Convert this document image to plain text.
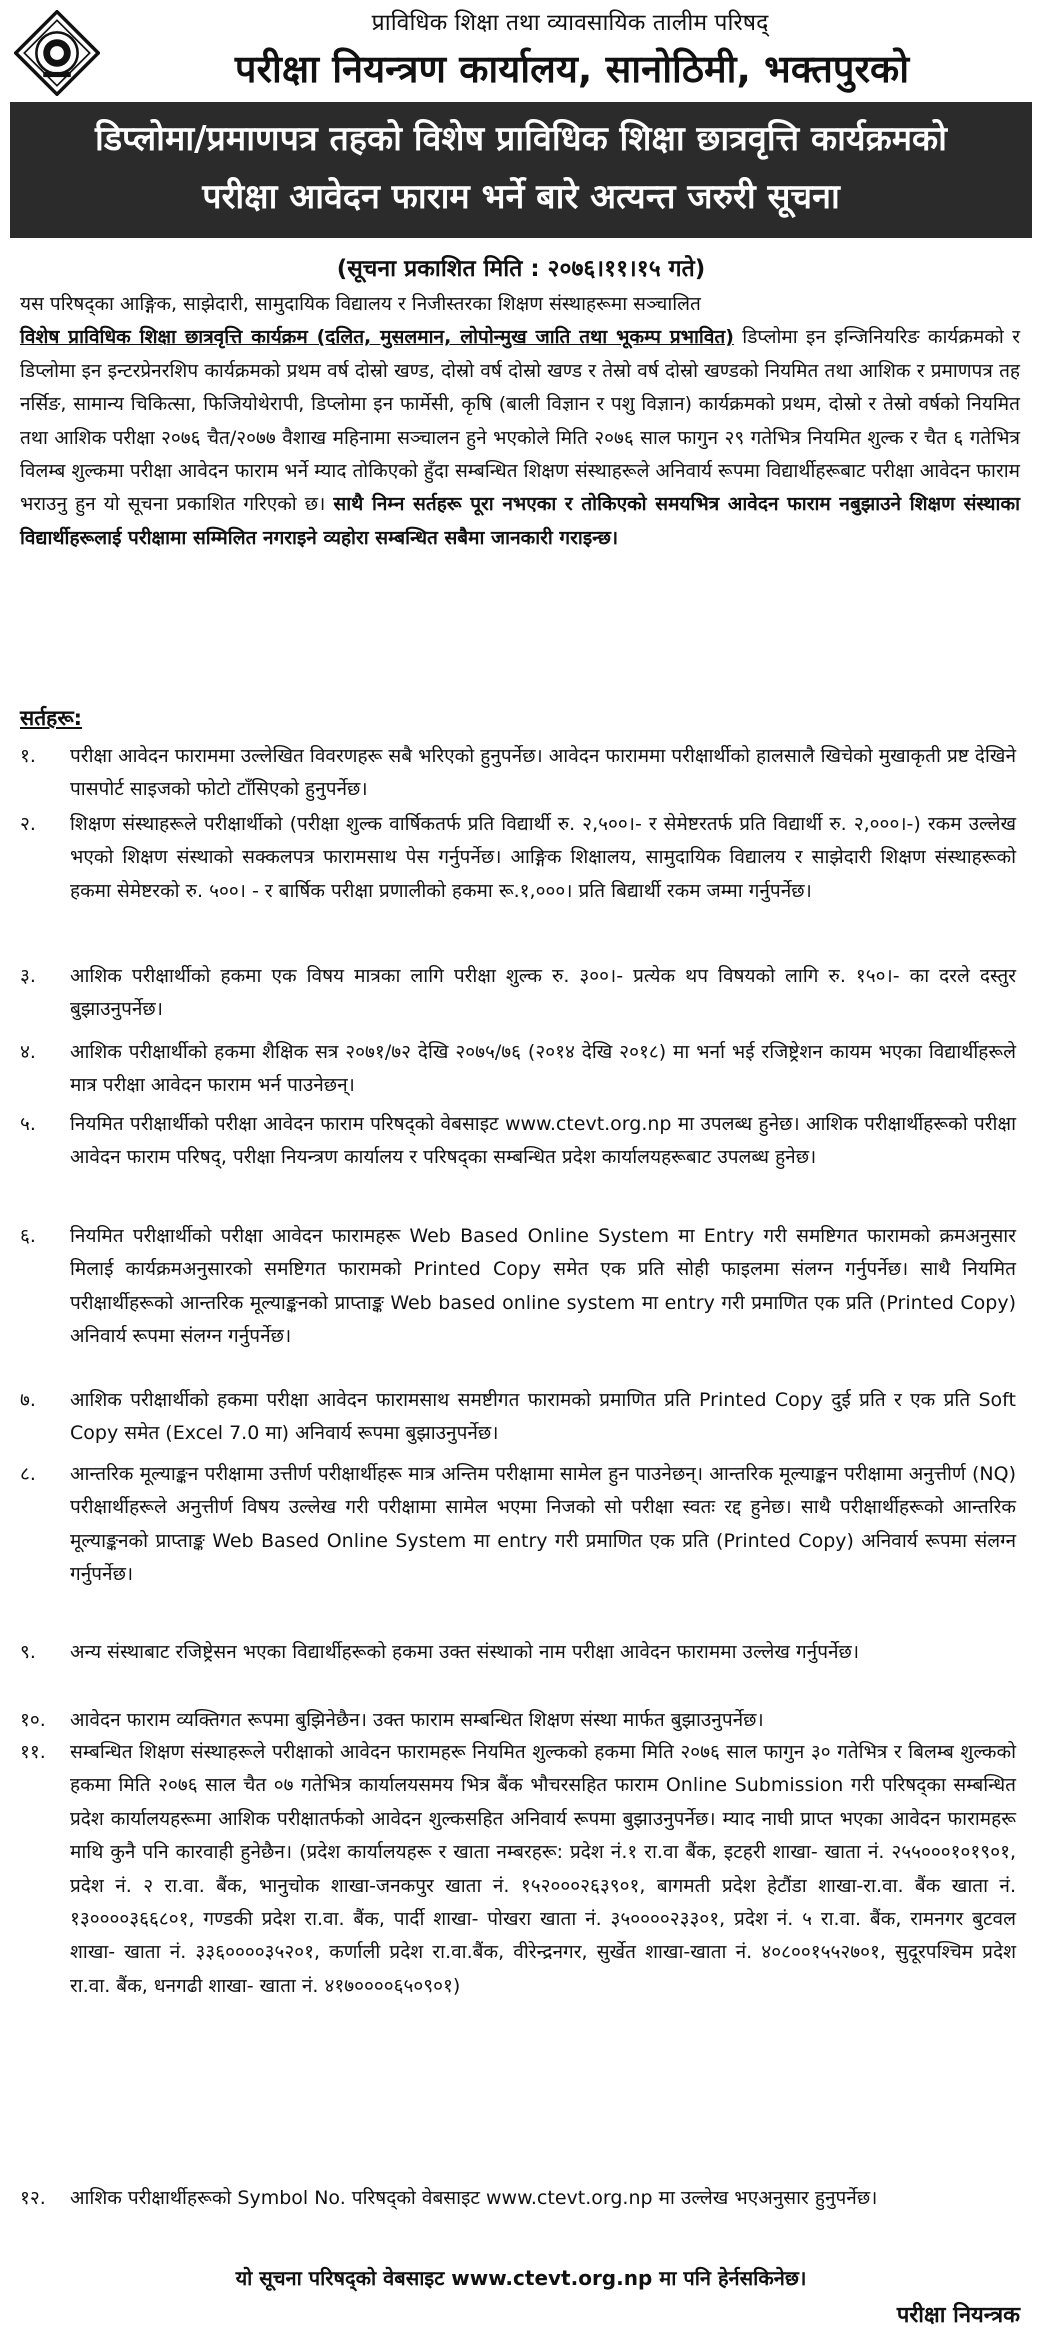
प्राविधिक शिक्षा तथा व्यावसायिक तालीम परिषद्
परीक्षा नियन्त्रण कार्यालय, सानोठिमी, भक्तपुरको
डिप्लोमा/प्रमाणपत्र तहको विशेष प्राविधिक शिक्षा छात्रवृत्ति कार्यक्रमको
परीक्षा आवेदन फाराम भर्ने बारे अत्यन्त जरुरी सूचना
(सूचना प्रकाशित मिति : २०७६।११।१५ गते)
यस परिषद्का आङ्गिक, साझेदारी, सामुदायिक विद्यालय र निजीस्तरका शिक्षण संस्थाहरूमा सञ्चालित
विशेष प्राविधिक शिक्षा छात्रवृत्ति कार्यक्रम (दलित, मुसलमान, लोपोन्मुख जाति तथा भूकम्प प्रभावित) डिप्लोमा इन इन्जिनियरिङ कार्यक्रमको र डिप्लोमा इन इन्टरप्रेनरशिप कार्यक्रमको प्रथम वर्ष दोस्रो खण्ड, दोस्रो वर्ष दोस्रो खण्ड र तेस्रो वर्ष दोस्रो खण्डको नियमित तथा आशिक र प्रमाणपत्र तह नर्सिङ, सामान्य चिकित्सा, फिजियोथेरापी, डिप्लोमा इन फार्मेसी, कृषि (बाली विज्ञान र पशु विज्ञान) कार्यक्रमको प्रथम, दोस्रो र तेस्रो वर्षको नियमित तथा आशिक परीक्षा २०७६ चैत/२०७७ वैशाख महिनामा सञ्चालन हुने भएकोले मिति २०७६ साल फागुन २९ गतेभित्र नियमित शुल्क र चैत ६ गतेभित्र विलम्ब शुल्कमा परीक्षा आवेदन फाराम भर्ने म्याद तोकिएको हुँदा सम्बन्धित शिक्षण संस्थाहरूले अनिवार्य रूपमा विद्यार्थीहरूबाट परीक्षा आवेदन फाराम भराउनु हुन यो सूचना प्रकाशित गरिएको छ। साथै निम्न सर्तहरू पूरा नभएका र तोकिएको समयभित्र आवेदन फाराम नबुझाउने शिक्षण संस्थाका विद्यार्थीहरूलाई परीक्षामा सम्मिलित नगराइने व्यहोरा सम्बन्धित सबैमा जानकारी गराइन्छ।
सर्तहरू:
१.	परीक्षा आवेदन फाराममा उल्लेखित विवरणहरू सबै भरिएको हुनुपर्नेछ। आवेदन फाराममा परीक्षार्थीको हालसालै खिचेको मुखाकृती प्रष्ट देखिने पासपोर्ट साइजको फोटो टाँसिएको हुनुपर्नेछ।
२.	शिक्षण संस्थाहरूले परीक्षार्थीको (परीक्षा शुल्क वार्षिकतर्फ प्रति विद्यार्थी रु. २,५००।- र सेमेष्टरतर्फ प्रति विद्यार्थी रु. २,०००।-) रकम उल्लेख भएको शिक्षण संस्थाको सक्कलपत्र फारामसाथ पेस गर्नुपर्नेछ। आङ्गिक शिक्षालय, सामुदायिक विद्यालय र साझेदारी शिक्षण संस्थाहरूको हकमा सेमेष्टरको रु. ५००। - र बार्षिक परीक्षा प्रणालीको हकमा रू.१,०००। प्रति बिद्यार्थी रकम जम्मा गर्नुपर्नेछ।
३.	आशिक परीक्षार्थीको हकमा एक विषय मात्रका लागि परीक्षा शुल्क रु. ३००।- प्रत्येक थप विषयको लागि रु. १५०।- का दरले दस्तुर बुझाउनुपर्नेछ।
४.	आशिक परीक्षार्थीको हकमा शैक्षिक सत्र २०७१/७२ देखि २०७५/७६ (२०१४ देखि २०१८) मा भर्ना भई रजिष्ट्रेशन कायम भएका विद्यार्थीहरूले मात्र परीक्षा आवेदन फाराम भर्न पाउनेछन्।
५.	नियमित परीक्षार्थीको परीक्षा आवेदन फाराम परिषद्को वेबसाइट www.ctevt.org.np मा उपलब्ध हुनेछ। आशिक परीक्षार्थीहरूको परीक्षा आवेदन फाराम परिषद्, परीक्षा नियन्त्रण कार्यालय र परिषद्का सम्बन्धित प्रदेश कार्यालयहरूबाट उपलब्ध हुनेछ।
६.	नियमित परीक्षार्थीको परीक्षा आवेदन फारामहरू Web Based Online System मा Entry गरी समष्टिगत फारामको क्रमअनुसार मिलाई कार्यक्रमअनुसारको समष्टिगत फारामको Printed Copy समेत एक प्रति सोही फाइलमा संलग्न गर्नुपर्नेछ। साथै नियमित परीक्षार्थीहरूको आन्तरिक मूल्याङ्कनको प्राप्ताङ्क Web based online system मा entry गरी प्रमाणित एक प्रति (Printed Copy) अनिवार्य रूपमा संलग्न गर्नुपर्नेछ।
७.	आशिक परीक्षार्थीको हकमा परीक्षा आवेदन फारामसाथ समष्टीगत फारामको प्रमाणित प्रति Printed Copy दुई प्रति र एक प्रति Soft Copy समेत (Excel 7.0 मा) अनिवार्य रूपमा बुझाउनुपर्नेछ।
८.	आन्तरिक मूल्याङ्कन परीक्षामा उत्तीर्ण परीक्षार्थीहरू मात्र अन्तिम परीक्षामा सामेल हुन पाउनेछन्। आन्तरिक मूल्याङ्कन परीक्षामा अनुत्तीर्ण (NQ) परीक्षार्थीहरूले अनुत्तीर्ण विषय उल्लेख गरी परीक्षामा सामेल भएमा निजको सो परीक्षा स्वतः रद्द हुनेछ। साथै परीक्षार्थीहरूको आन्तरिक मूल्याङ्कनको प्राप्ताङ्क Web Based Online System मा entry गरी प्रमाणित एक प्रति (Printed Copy) अनिवार्य रूपमा संलग्न गर्नुपर्नेछ।
९.	अन्य संस्थाबाट रजिष्ट्रेसन भएका विद्यार्थीहरूको हकमा उक्त संस्थाको नाम परीक्षा आवेदन फाराममा उल्लेख गर्नुपर्नेछ।
१०.	आवेदन फाराम व्यक्तिगत रूपमा बुझिनेछैन। उक्त फाराम सम्बन्धित शिक्षण संस्था मार्फत बुझाउनुपर्नेछ।
११.	सम्बन्धित शिक्षण संस्थाहरूले परीक्षाको आवेदन फारामहरू नियमित शुल्कको हकमा मिति २०७६ साल फागुन ३० गतेभित्र र बिलम्ब शुल्कको हकमा मिति २०७६ साल चैत ०७ गतेभित्र कार्यालयसमय भित्र बैंक भौचरसहित फाराम Online Submission गरी परिषद्का सम्बन्धित प्रदेश कार्यालयहरूमा आशिक परीक्षातर्फको आवेदन शुल्कसहित अनिवार्य रूपमा बुझाउनुपर्नेछ। म्याद नाघी प्राप्त भएका आवेदन फारामहरू माथि कुनै पनि कारवाही हुनेछैन। (प्रदेश कार्यालयहरू र खाता नम्बरहरू: प्रदेश नं.१ रा.वा बैंक, इटहरी शाखा- खाता नं. २५५०००१०१९०१, प्रदेश नं. २ रा.वा. बैंक, भानुचोक शाखा-जनकपुर खाता नं. १५२०००२६३९०१, बागमती प्रदेश हेटौंडा शाखा-रा.वा. बैंक खाता नं. १३००००३६६८०१, गण्डकी प्रदेश रा.वा. बैंक, पार्दी शाखा- पोखरा खाता नं. ३५००००२३३०१, प्रदेश नं. ५ रा.वा. बैंक, रामनगर बुटवल शाखा- खाता नं. ३३६००००३५२०१, कर्णाली प्रदेश रा.वा.बैंक, वीरेन्द्रनगर, सुर्खेत शाखा-खाता नं. ४०८००१५५२७०१, सुदूरपश्चिम प्रदेश रा.वा. बैंक, धनगढी शाखा- खाता नं. ४१७००००६५०९०१)
१२.	आशिक परीक्षार्थीहरूको Symbol No. परिषद्को वेबसाइट www.ctevt.org.np मा उल्लेख भएअनुसार हुनुपर्नेछ।
यो सूचना परिषद्को वेबसाइट www.ctevt.org.np मा पनि हेर्नसकिनेछ।
परीक्षा नियन्त्रक
